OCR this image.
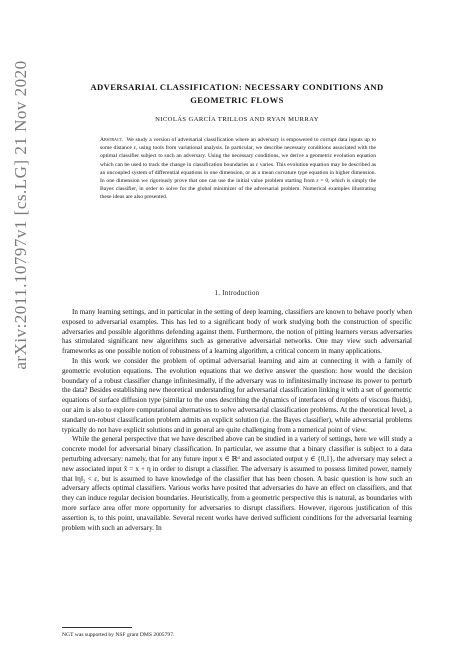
arXiv:2011.10797v1 [cs.LG] 21 Nov 2020	ADVERSARIAL CLASSIFICATION: NECESSARY CONDITIONS AND
GEOMETRIC FLOWS
NICOLÁS GARCÍA TRILLOS AND RYAN MURRAY
Abstract. We study a version of adversarial classification where an adversary is empowered to corrupt data inputs up to some distance ε, using tools from variational analysis. In particular, we describe necessary conditions associated with the optimal classifier subject to such an adversary. Using the necessary conditions, we derive a geometric evolution equation which can be used to track the change in classification boundaries as ε varies. This evolution equation may be described as an uncoupled system of differential equations in one dimension, or as a mean curvature type equation in higher dimension. In one dimension we rigorously prove that one can use the initial value problem starting from ε = 0, which is simply the Bayes classifier, in order to solve for the global minimizer of the adversarial problem. Numerical examples illustrating these ideas are also presented.
1. Introduction

In many learning settings, and in particular in the setting of deep learning, classifiers are known to behave poorly when exposed to adversarial examples. This has led to a significant body of work studying both the construction of specific adversaries and possible algorithms defending against them. Furthermore, the notion of pitting learners versus adversaries has stimulated significant new algorithms such as generative adversarial networks. One may view such adversarial frameworks as one possible notion of robustness of a learning algorithm, a critical concern in many applications.

In this work we consider the problem of optimal adversarial learning and aim at connecting it with a family of geometric evolution equations. The evolution equations that we derive answer the question: how would the decision boundary of a robust classifier change infinitesimally, if the adversary was to infinitesimally increase its power to perturb the data? Besides establishing new theoretical understanding for adversarial classification linking it with a set of geometric equations of surface diffusion type (similar to the ones describing the dynamics of interfaces of droplets of viscous fluids), our aim is also to explore computational alternatives to solve adversarial classification problems. At the theoretical level, a standard un-robust classification problem admits an explicit solution (i.e. the Bayes classifier), while adversarial problems typically do not have explicit solutions and in general are quite challenging from a numerical point of view.

While the general perspective that we have described above can be studied in a variety of settings, here we will study a concrete model for adversarial binary classification. In particular, we assume that a binary classifier is subject to a data perturbing adversary: namely, that for any future input x ∈ ℝᵈ and associated output y ∈ {0,1}, the adversary may select a new associated input x̃ = x + η in order to disrupt a classifier. The adversary is assumed to possess limited power, namely that ‖η‖₂ < ε, but is assumed to have knowledge of the classifier that has been chosen. A basic question is how such an adversary affects optimal classifiers. Various works have posited that adversaries do have an effect on classifiers, and that they can induce regular decision boundaries. Heuristically, from a geometric perspective this is natural, as boundaries with more surface area offer more opportunity for adversaries to disrupt classifiers. However, rigorous justification of this assertion is, to this point, unavailable. Several recent works have derived sufficient conditions for the adversarial learning problem with such an adversary. In

NGT was supported by NSF grant DMS 2005797.
